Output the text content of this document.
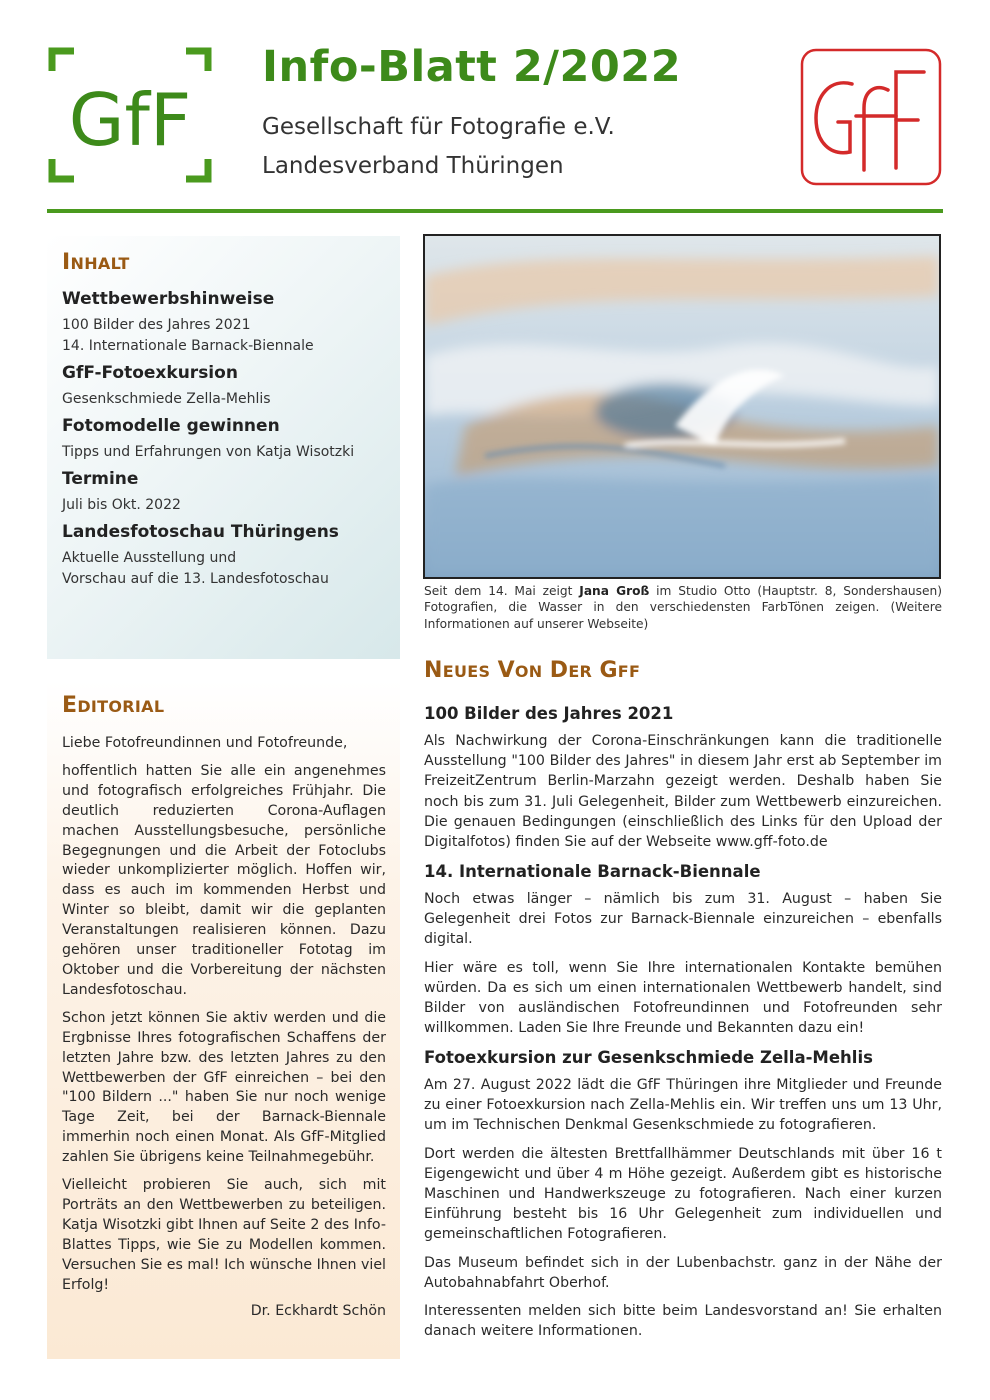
GfF
Info-Blatt 2/2022
Gesellschaft für Fotografie e.V.
Landesverband Thüringen
INHALT
Wettbewerbshinweise
100 Bilder des Jahres 2021
14. Internationale Barnack-Biennale
GfF-Fotoexkursion
Gesenkschmiede Zella-Mehlis
Fotomodelle gewinnen
Tipps und Erfahrungen von Katja Wisotzki
Termine
Juli bis Okt. 2022
Landesfotoschau Thüringens
Aktuelle Ausstellung und
Vorschau auf die 13. Landesfotoschau
EDITORIAL

Liebe Fotofreundinnen und Fotofreunde,

hoffentlich hatten Sie alle ein angenehmes und fotografisch erfolgreiches Frühjahr. Die deutlich reduzierten Corona-Auflagen machen Ausstellungsbesuche, persönliche Begegnungen und die Arbeit der Fotoclubs wieder unkomplizierter möglich. Hoffen wir, dass es auch im kommenden Herbst und Winter so bleibt, damit wir die geplanten Veranstaltungen realisieren können. Dazu gehören unser traditioneller Fototag im Oktober und die Vorbereitung der nächsten Landesfotoschau.

Schon jetzt können Sie aktiv werden und die Ergbnisse Ihres fotografischen Schaffens der letzten Jahre bzw. des letzten Jahres zu den Wettbewerben der GfF einreichen – bei den "100 Bildern ..." haben Sie nur noch wenige Tage Zeit, bei der Barnack-Biennale immerhin noch einen Monat. Als GfF-Mitglied zahlen Sie übrigens keine Teilnahmegebühr.

Vielleicht probieren Sie auch, sich mit Porträts an den Wettbewerben zu beteiligen. Katja Wisotzki gibt Ihnen auf Seite 2 des Info-Blattes Tipps, wie Sie zu Modellen kommen. Versuchen Sie es mal! Ich wünsche Ihnen viel Erfolg!

Dr. Eckhardt Schön
Seit dem 14. Mai zeigt Jana Groß im Studio Otto (Hauptstr. 8, Sondershausen) Fotografien, die Wasser in den verschiedensten FarbTönen zeigen. (Weitere Informationen auf unserer Webseite)
NEUES VON DER GFF
100 Bilder des Jahres 2021

Als Nachwirkung der Corona-Einschränkungen kann die traditionelle Ausstellung "100 Bilder des Jahres" in diesem Jahr erst ab September im FreizeitZentrum Berlin-Marzahn gezeigt werden. Deshalb haben Sie noch bis zum 31. Juli Gelegenheit, Bilder zum Wettbewerb einzureichen. Die genauen Bedingungen (einschließlich des Links für den Upload der Digitalfotos) finden Sie auf der Webseite www.gff-foto.de

14. Internationale Barnack-Biennale

Noch etwas länger – nämlich bis zum 31. August – haben Sie Gelegenheit drei Fotos zur Barnack-Biennale einzureichen – ebenfalls digital.

Hier wäre es toll, wenn Sie Ihre internationalen Kontakte bemühen würden. Da es sich um einen internationalen Wettbewerb handelt, sind Bilder von ausländischen Fotofreundinnen und Fotofreunden sehr willkommen. Laden Sie Ihre Freunde und Bekannten dazu ein!

Fotoexkursion zur Gesenkschmiede Zella-Mehlis

Am 27. August 2022 lädt die GfF Thüringen ihre Mitglieder und Freunde zu einer Fotoexkursion nach Zella-Mehlis ein. Wir treffen uns um 13 Uhr, um im Technischen Denkmal Gesenkschmiede zu fotografieren.

Dort werden die ältesten Brettfallhämmer Deutschlands mit über 16 t Eigengewicht und über 4 m Höhe gezeigt. Außerdem gibt es historische Maschinen und Handwerkszeuge zu fotografieren. Nach einer kurzen Einführung besteht bis 16 Uhr Gelegenheit zum individuellen und gemeinschaftlichen Fotografieren.

Das Museum befindet sich in der Lubenbachstr. ganz in der Nähe der Autobahnabfahrt Oberhof.

Interessenten melden sich bitte beim Landesvorstand an! Sie erhalten danach weitere Informationen.
